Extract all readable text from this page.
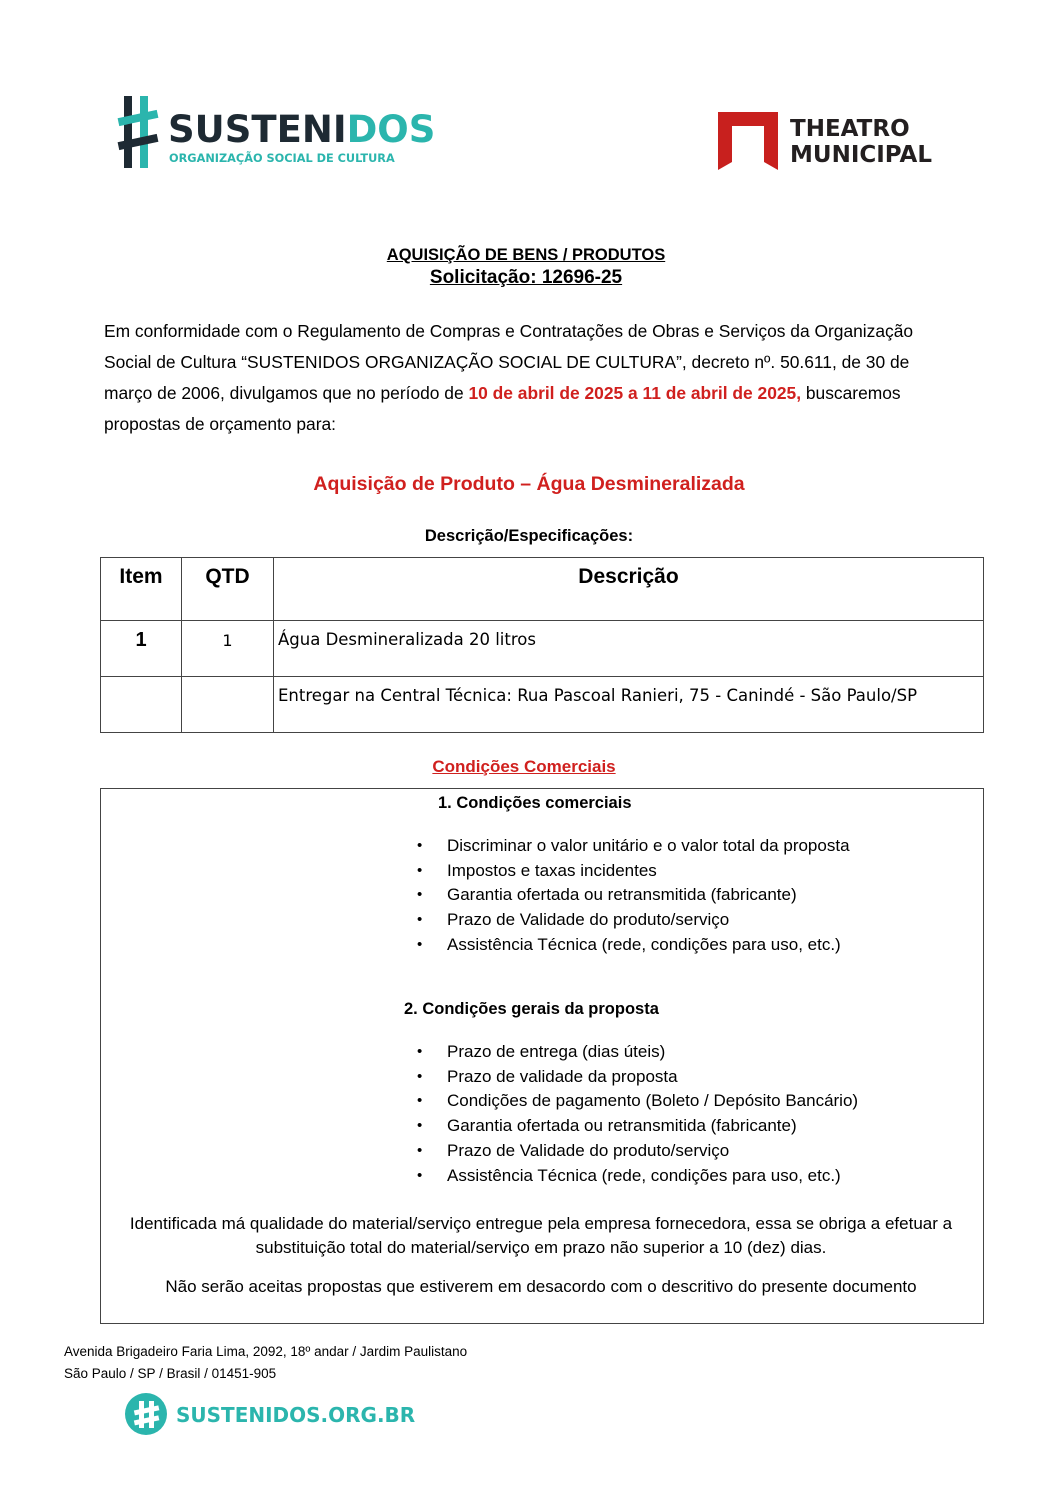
SUSTENIDOS
ORGANIZAÇÃO SOCIAL DE CULTURA
THEATRO
MUNICIPAL
AQUISIÇÃO DE BENS / PRODUTOS
Solicitação: 12696-25
Em conformidade com o Regulamento de Compras e Contratações de Obras e Serviços da Organização Social de Cultura “SUSTENIDOS ORGANIZAÇÃO SOCIAL DE CULTURA”, decreto nº. 50.611, de 30 de março de 2006, divulgamos que no período de 10 de abril de 2025 a 11 de abril de 2025, buscaremos propostas de orçamento para:
Aquisição de Produto – Água Desmineralizada
Descrição/Especificações:
Item	QTD	Descrição
1	1	Água Desmineralizada 20 litros
		Entregar na Central Técnica: Rua Pascoal Ranieri, 75 - Canindé - São Paulo/SP
Condições Comerciais
1. Condições comerciais
• Discriminar o valor unitário e o valor total da proposta
• Impostos e taxas incidentes
• Garantia ofertada ou retransmitida (fabricante)
• Prazo de Validade do produto/serviço
• Assistência Técnica (rede, condições para uso, etc.)
2. Condições gerais da proposta
• Prazo de entrega (dias úteis)
• Prazo de validade da proposta
• Condições de pagamento (Boleto / Depósito Bancário)
• Garantia ofertada ou retransmitida (fabricante)
• Prazo de Validade do produto/serviço
• Assistência Técnica (rede, condições para uso, etc.)
Identificada má qualidade do material/serviço entregue pela empresa fornecedora, essa se obriga a efetuar a substituição total do material/serviço em prazo não superior a 10 (dez) dias.
Não serão aceitas propostas que estiverem em desacordo com o descritivo do presente documento
Avenida Brigadeiro Faria Lima, 2092, 18º andar / Jardim Paulistano
São Paulo / SP / Brasil / 01451-905
SUSTENIDOS.ORG.BR
